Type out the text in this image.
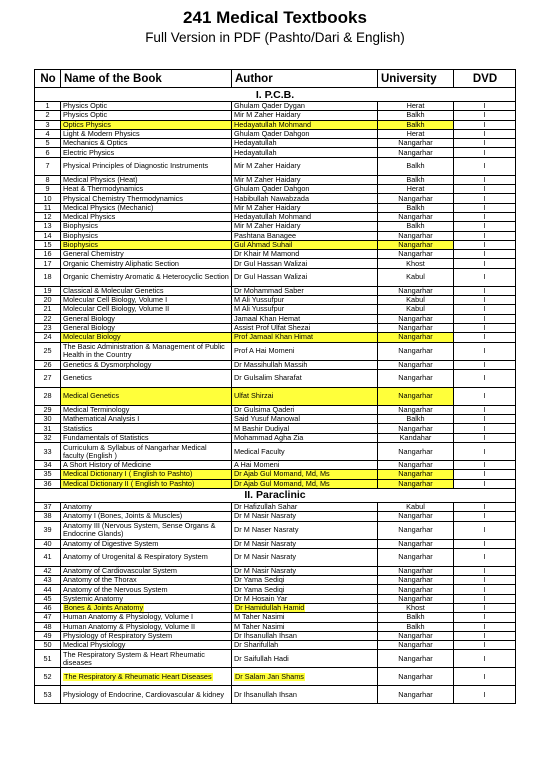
241 Medical Textbooks
Full Version in PDF (Pashto/Dari & English)
No	Name of the Book	Author	University	DVD
I. P.C.B.				
1	Physics Optic	Ghulam Qader Dygan	Herat	I
2	Physics Optic	Mir M Zaher Haidary	Balkh	I
3	Optics Physics	Hedayatullah Mohmand	Balkh	I
4	Light & Modern Physics	Ghulam Qader Dahgon	Herat	I
5	Mechanics & Optics	Hedayatullah	Nangarhar	I
6	Electric Physics	Hedayatullah	Nangarhar	I
7	Physical Principles of Diagnostic Instruments	Mir M Zaher Haidary	Balkh	I
8	Medical Physics (Heat)	Mir M Zaher Haidary	Balkh	I
9	Heat & Thermodynamics	Ghulam Qader Dahgon	Herat	I
10	Physical Chemistry Thermodynamics	Habibullah Nawabzada	Nangarhar	I
11	Medical Physics (Mechanic)	Mir M Zaher Haidary	Balkh	I
12	Medical Physics	Hedayatullah Mohmand	Nangarhar	I
13	Biophysics	Mir M Zaher Haidary	Balkh	I
14	Biophysics	Pashtana Banagee	Nangarhar	I
15	Biophysics	Gul Ahmad Suhail	Nangarhar	I
16	General Chemistry	Dr Khair M Mamond	Nangarhar	I
17	Organic Chemistry Aliphatic Section	Dr Gul Hassan Walizai	Khost	I
18	Organic Chemistry Aromatic & Heterocyclic Section	Dr Gul Hassan Walizai	Kabul	I
19	Classical & Molecular Genetics	Dr Mohammad Saber	Nangarhar	I
20	Molecular Cell Biology, Volume I	M Ali Yussufpur	Kabul	I
21	Molecular Cell Biology, Volume II	M Ali Yussufpur	Kabul	I
22	General Biology	Jamaal Khan Hemat	Nangarhar	I
23	General Biology	Assist Prof Ulfat Shezai	Nangarhar	I
24	Molecular Biology	Prof Jamaal Khan Himat	Nangarhar	I
25	The Basic Administration & Management of Public Health in the Country	Prof A Hai Momeni	Nangarhar	I
26	Genetics & Dysmorphology	Dr Massihullah Massih	Nangarhar	I
27	Genetics	Dr Gulsalim Sharafat	Nangarhar	I
28	Medical Genetics	Ulfat Shirzai	Nangarhar	I
29	Medical Terminology	Dr Gulsima Qaderi	Nangarhar	I
30	Mathematical Analysis I	Said Yusuf Manowal	Balkh	I
31	Statistics	M Bashir Dudiyal	Nangarhar	I
32	Fundamentals of Statistics	Mohammad Agha Zia	Kandahar	I
33	Curriculum & Syllabus of Nangarhar Medical faculty (English )	Medical Faculty	Nangarhar	I
34	A Short History of Medicine	A Hai Momeni	Nangarhar	I
35	Medical Dictionary I ( English to Pashto)	Dr Ajab Gul Momand, Md, Ms	Nangarhar	I
36	Medical Dictionary II ( English to Pashto)	Dr Ajab Gul Momand, Md, Ms	Nangarhar	I
II. Paraclinic				
37	Anatomy	Dr Hafizullah Sahar	Kabul	I
38	Anatomy I (Bones, Joints & Muscles)	Dr M Nasir Nasraty	Nangarhar	I
39	Anatomy III (Nervous System, Sense Organs & Endocrine Glands)	Dr M Naser Nasraty	Nangarhar	I
40	Anatomy of Digestive System	Dr M Nasir Nasraty	Nangarhar	I
41	Anatomy of Urogenital & Respiratory System	Dr M Nasir Nasraty	Nangarhar	I
42	Anatomy of Cardiovascular System	Dr M Nasir Nasraty	Nangarhar	I
43	Anatomy of the Thorax	Dr Yama Sediqi	Nangarhar	I
44	Anatomy of the Nervous System	Dr Yama Sediqi	Nangarhar	I
45	Systemic Anatomy	Dr M Hosain Yar	Nangarhar	I
46	Bones & Joints Anatomy	Dr Hamidullah Hamid	Khost	I
47	Human Anatomy & Physiology, Volume I	M Taher Nasimi	Balkh	I
48	Human Anatomy & Physiology, Volume II	M Taher Nasimi	Balkh	I
49	Physiology of Respiratory System	Dr Ihsanullah Ihsan	Nangarhar	I
50	Medical Physiology	Dr Sharifullah	Nangarhar	I
51	The Respiratory System & Heart Rheumatic diseases	Dr Saifullah Hadi	Nangarhar	I
52	The Respiratory & Rheumatic Heart Diseases	Dr Salam Jan Shams	Nangarhar	I
53	Physiology of Endocrine, Cardiovascular & kidney	Dr Ihsanullah Ihsan	Nangarhar	I
